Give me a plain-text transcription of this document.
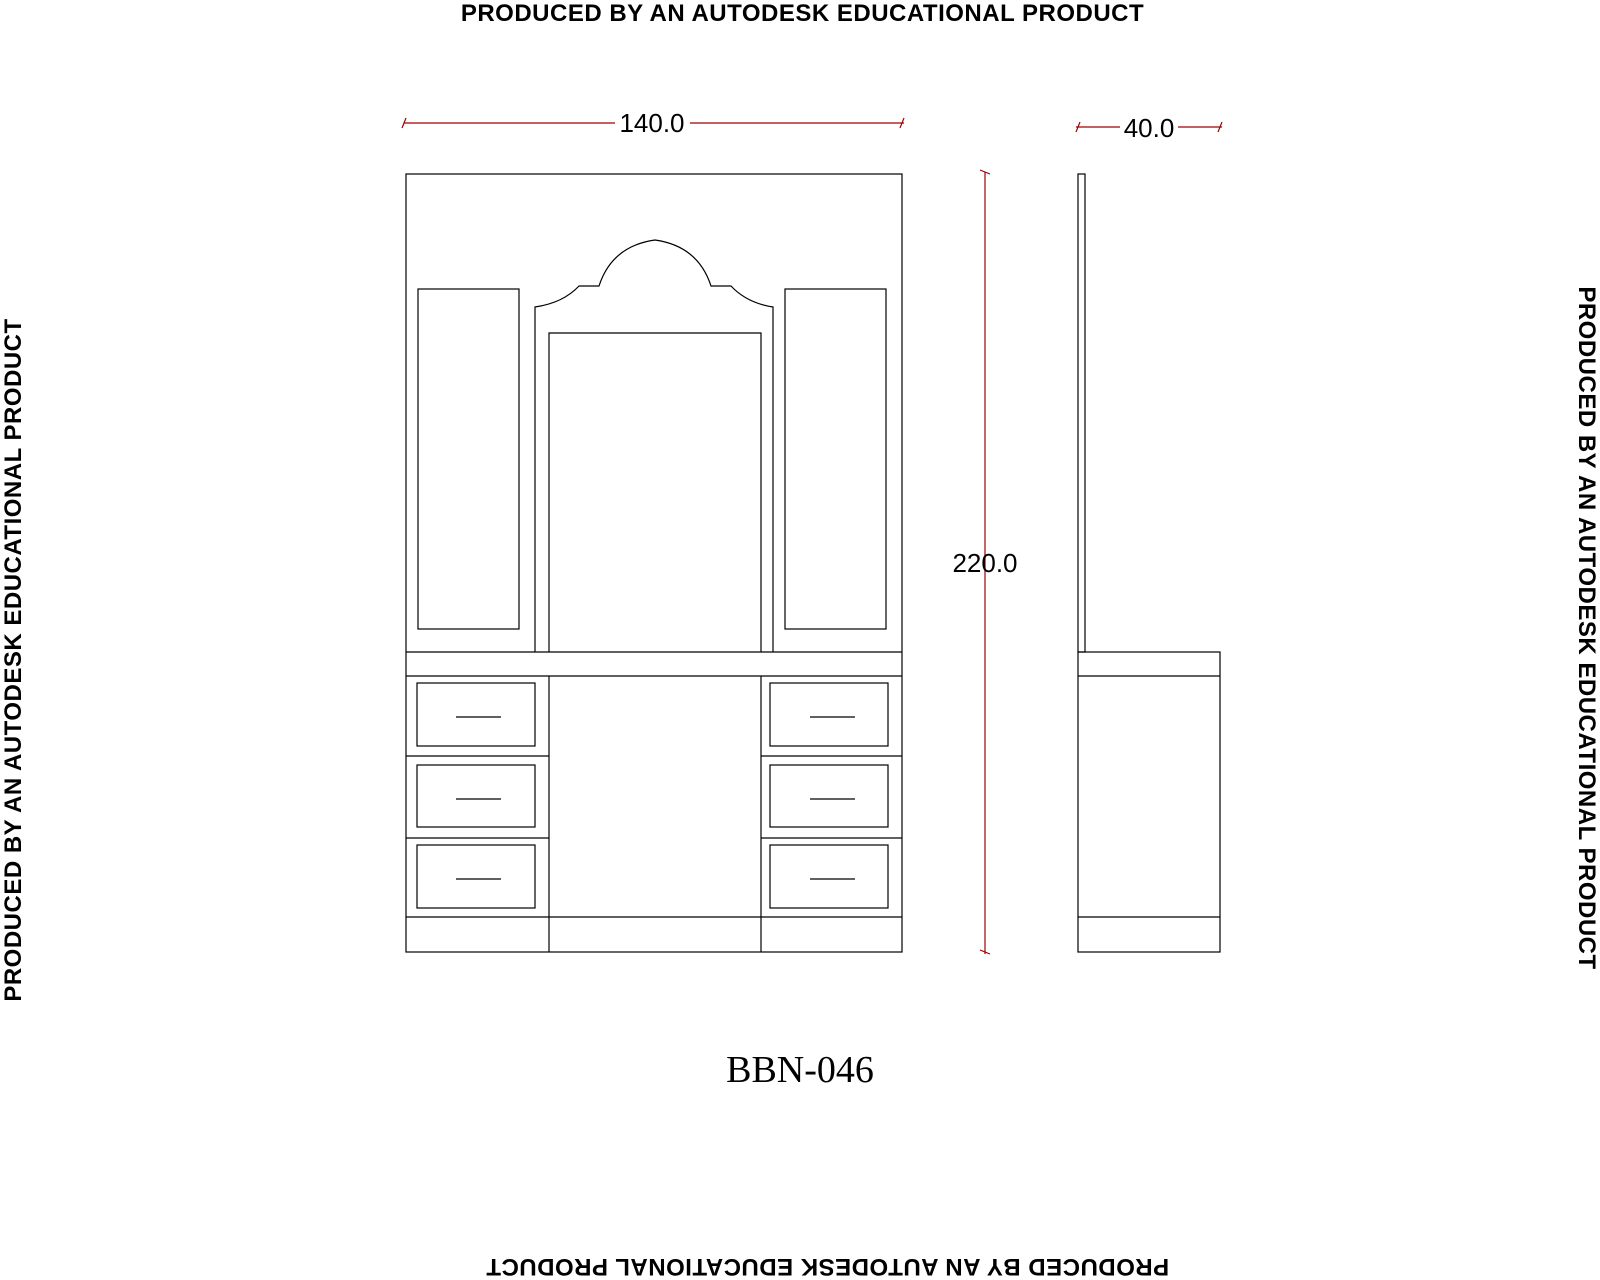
PRODUCED BY AN AUTODESK EDUCATIONAL PRODUCT
PRODUCED BY AN AUTODESK EDUCATIONAL PRODUCT
PRODUCED BY AN AUTODESK EDUCATIONAL PRODUCT	PRODUCED BY AN AUTODESK EDUCATIONAL PRODUCT
140.0	40.0
220.0
BBN-046
